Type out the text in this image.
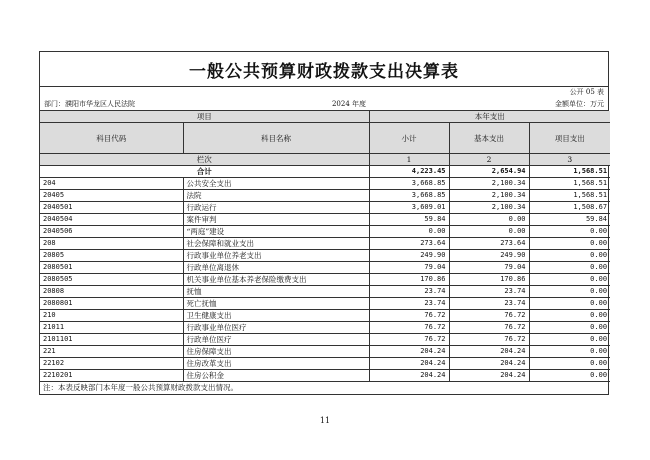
一般公共预算财政拨款支出决算表
公开 05 表
部门：濮阳市华龙区人民法院	2024 年度	金额单位：万元
项目		本年支出		
科目代码	科目名称	小计	基本支出	项目支出
栏次		1	2	3
合计		4,223.45	2,654.94	1,568.51
204	公共安全支出	3,668.85	2,100.34	1,568.51
20405	法院	3,668.85	2,100.34	1,568.51
2040501	行政运行	3,609.01	2,100.34	1,508.67
2040504	案件审判	59.84	0.00	59.84
2040506	“两庭”建设	0.00	0.00	0.00
208	社会保障和就业支出	273.64	273.64	0.00
20805	行政事业单位养老支出	249.90	249.90	0.00
2080501	行政单位离退休	79.04	79.04	0.00
2080505	机关事业单位基本养老保险缴费支出	170.86	170.86	0.00
20808	抚恤	23.74	23.74	0.00
2080801	死亡抚恤	23.74	23.74	0.00
210	卫生健康支出	76.72	76.72	0.00
21011	行政事业单位医疗	76.72	76.72	0.00
2101101	行政单位医疗	76.72	76.72	0.00
221	住房保障支出	204.24	204.24	0.00
22102	住房改革支出	204.24	204.24	0.00
2210201	住房公积金	204.24	204.24	0.00
注：本表反映部门本年度一般公共预算财政拨款支出情况。
11
